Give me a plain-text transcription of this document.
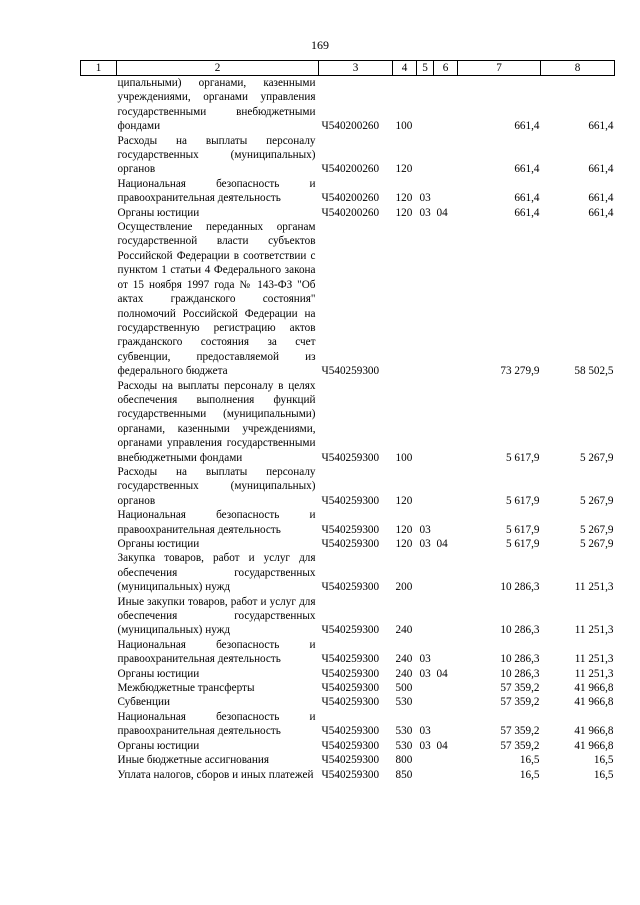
169
1	2	3	4	5	6	7	8
	ципальными) органами, казенными учреждениями, органами управления государственными внебюджетными фондами	Ч540200260	100			661,4	661,4
	Расходы на выплаты персоналу государственных (муниципальных) органов	Ч540200260	120			661,4	661,4
	Национальная безопасность и правоохранительная деятельность	Ч540200260	120	03		661,4	661,4
	Органы юстиции	Ч540200260	120	03	04	661,4	661,4
	Осуществление переданных органам государственной власти субъектов Российской Федерации в соответствии с пунктом 1 статьи 4 Федерального закона от 15 ноября 1997 года № 143-ФЗ "Об актах гражданского состояния" полномочий Российской Федерации на государственную регистрацию актов гражданского состояния за счет субвенции, предоставляемой из федерального бюджета	Ч540259300				73 279,9	58 502,5
	Расходы на выплаты персоналу в целях обеспечения выполнения функций государственными (муниципальными) органами, казенными учреждениями, органами управления государственными внебюджетными фондами	Ч540259300	100			5 617,9	5 267,9
	Расходы на выплаты персоналу государственных (муниципальных) органов	Ч540259300	120			5 617,9	5 267,9
	Национальная безопасность и правоохранительная деятельность	Ч540259300	120	03		5 617,9	5 267,9
	Органы юстиции	Ч540259300	120	03	04	5 617,9	5 267,9
	Закупка товаров, работ и услуг для обеспечения государственных (муниципальных) нужд	Ч540259300	200			10 286,3	11 251,3
	Иные закупки товаров, работ и услуг для обеспечения государственных (муниципальных) нужд	Ч540259300	240			10 286,3	11 251,3
	Национальная безопасность и правоохранительная деятельность	Ч540259300	240	03		10 286,3	11 251,3
	Органы юстиции	Ч540259300	240	03	04	10 286,3	11 251,3
	Межбюджетные трансферты	Ч540259300	500			57 359,2	41 966,8
	Субвенции	Ч540259300	530			57 359,2	41 966,8
	Национальная безопасность и правоохранительная деятельность	Ч540259300	530	03		57 359,2	41 966,8
	Органы юстиции	Ч540259300	530	03	04	57 359,2	41 966,8
	Иные бюджетные ассигнования	Ч540259300	800			16,5	16,5
	Уплата налогов, сборов и иных платежей	Ч540259300	850			16,5	16,5
